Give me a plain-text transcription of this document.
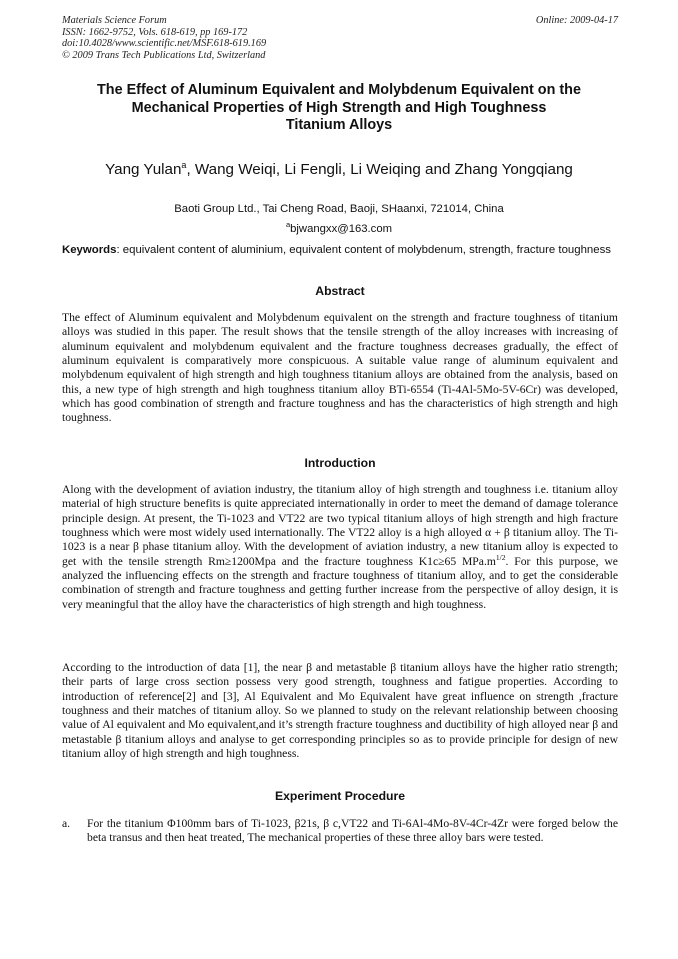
Materials Science Forum
ISSN: 1662-9752, Vols. 618-619, pp 169-172
doi:10.4028/www.scientific.net/MSF.618-619.169
© 2009 Trans Tech Publications Ltd, Switzerland
Online: 2009-04-17
The Effect of Aluminum Equivalent and Molybdenum Equivalent on the
Mechanical Properties of High Strength and High Toughness
Titanium Alloys
Yang Yulan$^a$, Wang Weiqi, Li Fengli, Li Weiqing and Zhang Yongqiang
Baoti Group Ltd., Tai Cheng Road, Baoji, SHaanxi, 721014, China
$^a$bjwangxx@163.com
Keywords: equivalent content of aluminium, equivalent content of molybdenum, strength, fracture toughness
Abstract
The effect of Aluminum equivalent and Molybdenum equivalent on the strength and fracture toughness of titanium alloys was studied in this paper. The result shows that the tensile strength of the alloy increases with increasing of aluminum equivalent and molybdenum equivalent and the fracture toughness decreases gradually, the effect of aluminum equivalent is comparatively more conspicuous. A suitable value range of aluminum equivalent and molybdenum equivalent of high strength and high toughness titanium alloys are obtained from the analysis, based on this, a new type of high strength and high toughness titanium alloy BTi-6554 (Ti-4Al-5Mo-5V-6Cr) was developed, which has good combination of strength and fracture toughness and has the characteristics of high strength and high toughness.
Introduction
Along with the development of aviation industry, the titanium alloy of high strength and toughness i.e. titanium alloy material of high structure benefits is quite appreciated internationally in order to meet the demand of damage tolerance principle design. At present, the Ti-1023 and VT22 are two typical titanium alloys of high strength and high fracture toughness which were most widely used internationally. The VT22 alloy is a high alloyed α + β titanium alloy. The Ti-1023 is a near β phase titanium alloy. With the development of aviation industry, a new titanium alloy is expected to get with the tensile strength Rm≥1200Mpa and the fracture toughness K1c≥65 $MPa.m^{1/2}$. For this purpose, we analyzed the influencing effects on the strength and fracture toughness of titanium alloy, and to get the considerable combination of strength and fracture toughness and getting further increase from the perspective of alloy design, it is very meaningful that the alloy have the characteristics of high strength and high toughness.
According to the introduction of data [1], the near β and metastable β titanium alloys have the higher ratio strength; their parts of large cross section possess very good strength, toughness and fatigue properties. According to introduction of reference[2] and [3], Al Equivalent and Mo Equivalent have great influence on strength ,fracture toughness and their matches of titanium alloy. So we planned to study on the relevant relationship between choosing value of Al equivalent and Mo equivalent,and it’s strength fracture toughness and ductibility of high alloyed near β and metastable β titanium alloys and analyse to get corresponding principles so as to provide principle for design of new titanium alloy of high strength and high toughness.
Experiment Procedure
a.	For the titanium Φ100mm bars of Ti-1023, β21s, β c,VT22 and Ti-6Al-4Mo-8V-4Cr-4Zr were forged below the beta transus and then heat treated, The mechanical properties of these three alloy bars were tested.
